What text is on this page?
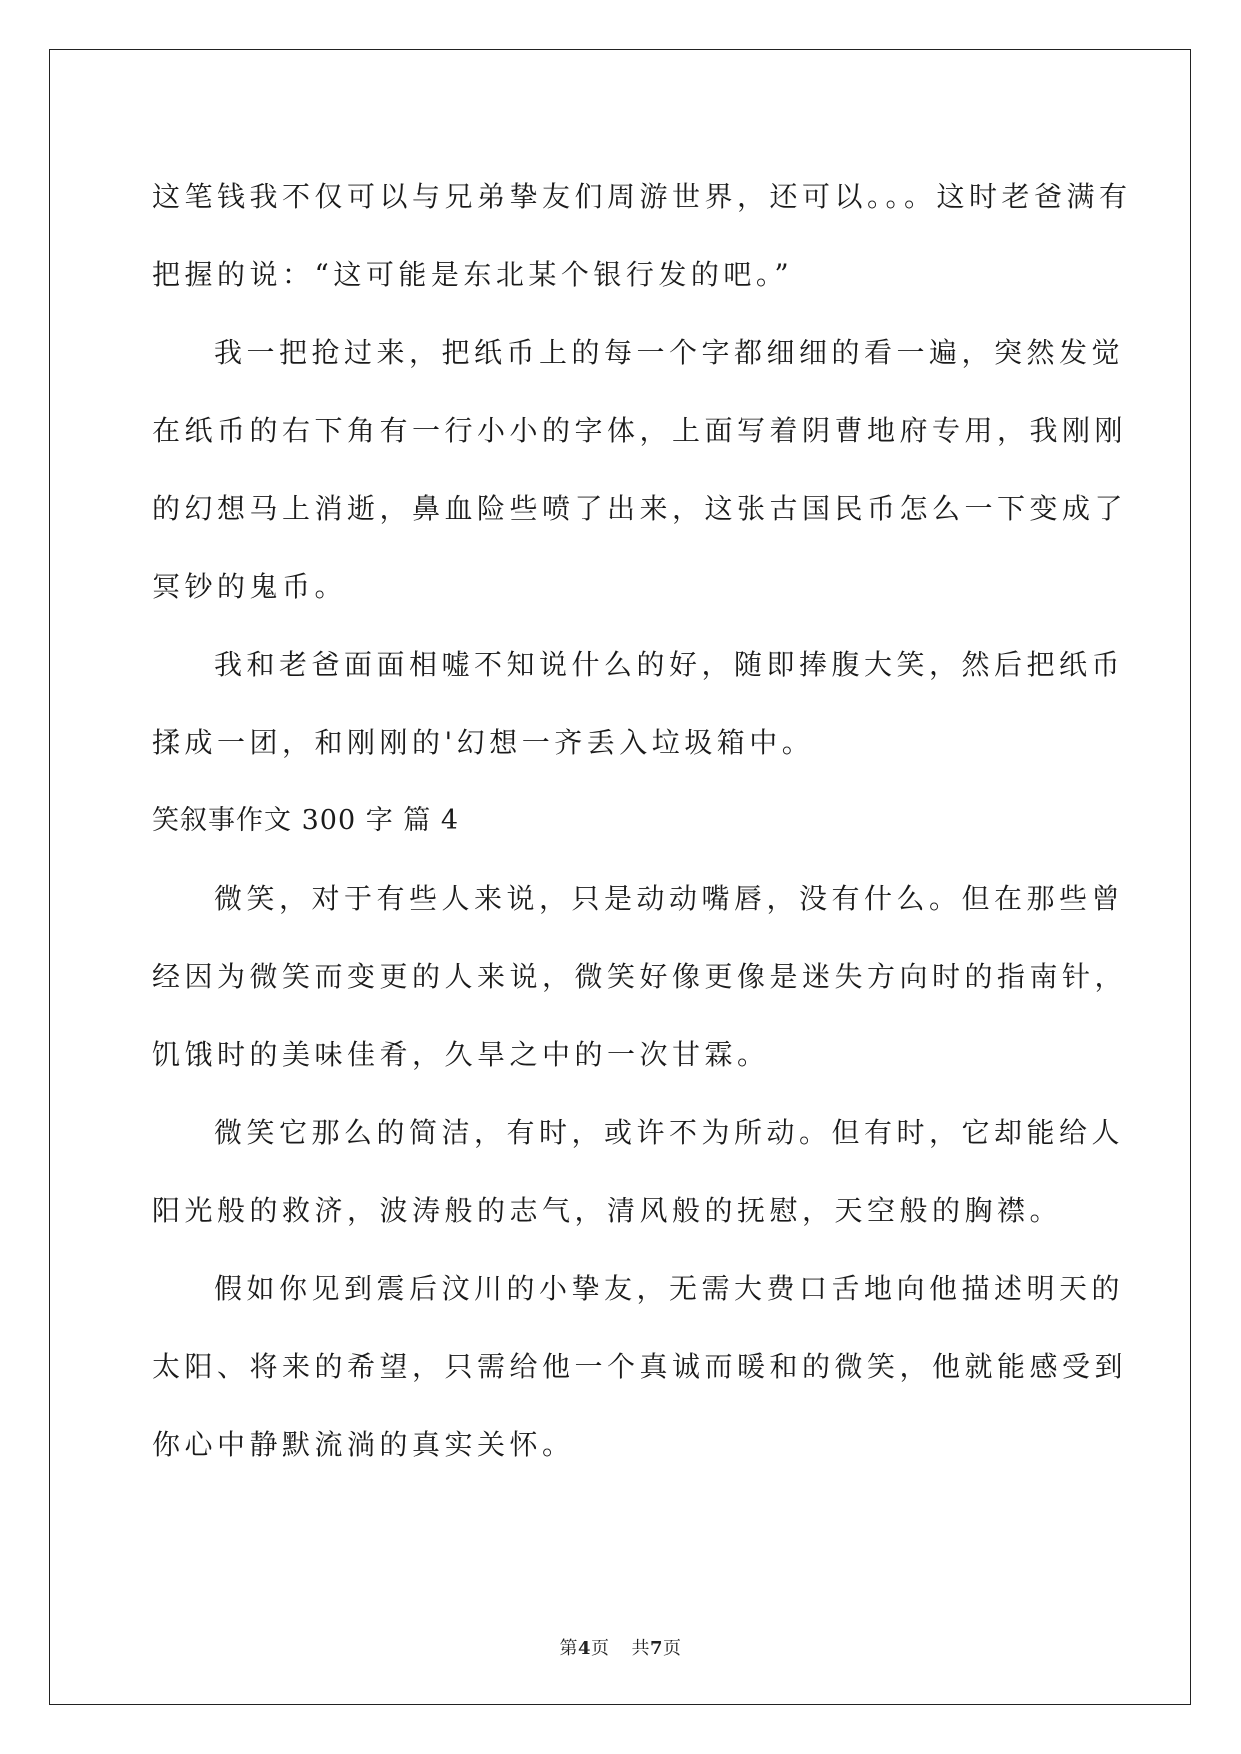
这笔钱我不仅可以与兄弟挚友们周游世界，还可以。。。这时老爸满有
把握的说：“这可能是东北某个银行发的吧。”
我一把抢过来，把纸币上的每一个字都细细的看一遍，突然发觉
在纸币的右下角有一行小小的字体，上面写着阴曹地府专用，我刚刚
的幻想马上消逝，鼻血险些喷了出来，这张古国民币怎么一下变成了
冥钞的鬼币。
我和老爸面面相嘘不知说什么的好，随即捧腹大笑，然后把纸币
揉成一团，和刚刚的'幻想一齐丢入垃圾箱中。
笑叙事作文 300 字 篇 4
微笑，对于有些人来说，只是动动嘴唇，没有什么。但在那些曾
经因为微笑而变更的人来说，微笑好像更像是迷失方向时的指南针，
饥饿时的美味佳肴，久旱之中的一次甘霖。
微笑它那么的简洁，有时，或许不为所动。但有时，它却能给人
阳光般的救济，波涛般的志气，清风般的抚慰，天空般的胸襟。
假如你见到震后汶川的小挚友，无需大费口舌地向他描述明天的
太阳、将来的希望，只需给他一个真诚而暖和的微笑，他就能感受到
你心中静默流淌的真实关怀。
第4页 共7页
